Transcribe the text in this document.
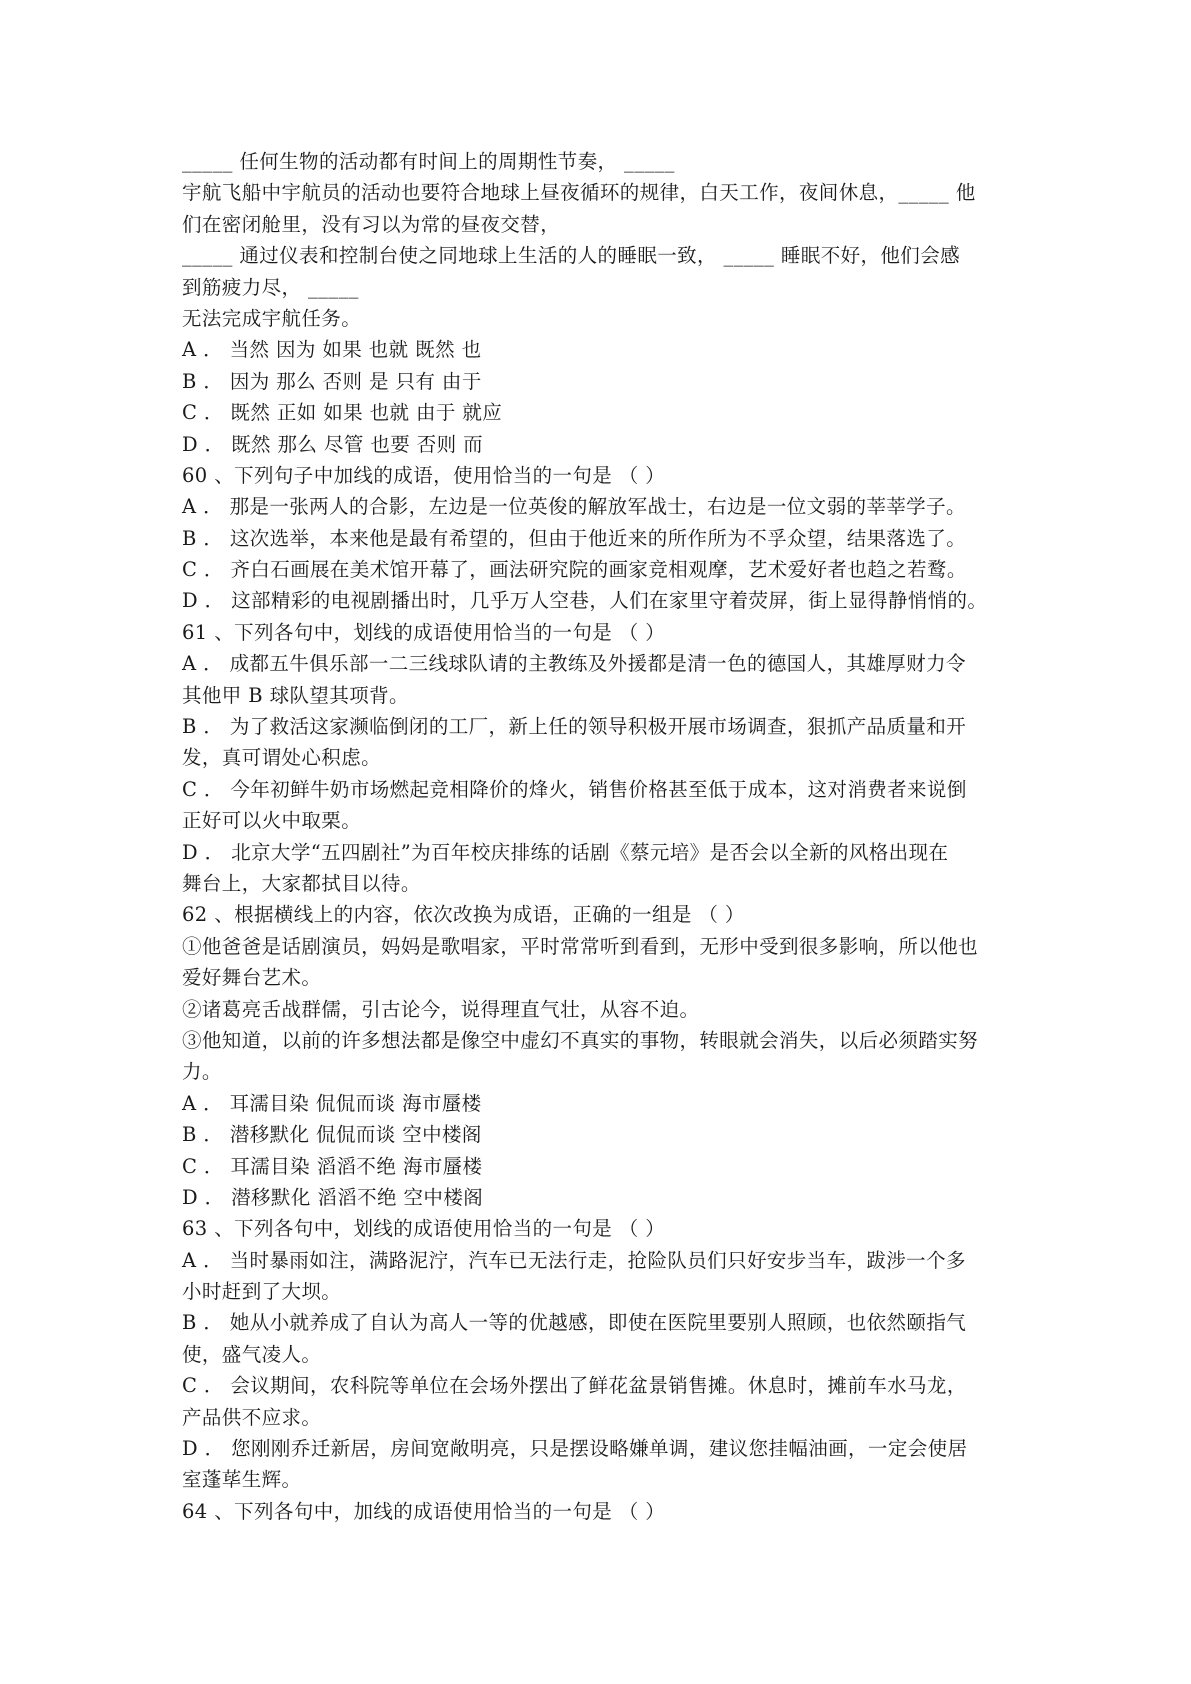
_____ 任何生物的活动都有时间上的周期性节奏， _____
宇航飞船中宇航员的活动也要符合地球上昼夜循环的规律，白天工作，夜间休息，_____ 他
们在密闭舱里，没有习以为常的昼夜交替，
_____ 通过仪表和控制台使之同地球上生活的人的睡眠一致， _____ 睡眠不好，他们会感
到筋疲力尽， _____
无法完成宇航任务。
A ． 当然 因为 如果 也就 既然 也
B ． 因为 那么 否则 是 只有 由于
C ． 既然 正如 如果 也就 由于 就应
D ． 既然 那么 尽管 也要 否则 而
60 、下列句子中加线的成语，使用恰当的一句是 （ ）
A ． 那是一张两人的合影，左边是一位英俊的解放军战士，右边是一位文弱的莘莘学子。
B ． 这次选举，本来他是最有希望的，但由于他近来的所作所为不孚众望，结果落选了。
C ． 齐白石画展在美术馆开幕了，画法研究院的画家竞相观摩，艺术爱好者也趋之若鹜。
D ． 这部精彩的电视剧播出时，几乎万人空巷，人们在家里守着荧屏，街上显得静悄悄的。
61 、下列各句中，划线的成语使用恰当的一句是 （ ）
A ． 成都五牛俱乐部一二三线球队请的主教练及外援都是清一色的德国人，其雄厚财力令
其他甲 B 球队望其项背。
B ． 为了救活这家濒临倒闭的工厂，新上任的领导积极开展市场调查，狠抓产品质量和开
发，真可谓处心积虑。
C ． 今年初鲜牛奶市场燃起竞相降价的烽火，销售价格甚至低于成本，这对消费者来说倒
正好可以火中取栗。
D ． 北京大学“五四剧社”为百年校庆排练的话剧《蔡元培》是否会以全新的风格出现在
舞台上，大家都拭目以待。
62 、根据横线上的内容，依次改换为成语，正确的一组是 （ ）
①他爸爸是话剧演员，妈妈是歌唱家，平时常常听到看到，无形中受到很多影响，所以他也
爱好舞台艺术。
②诸葛亮舌战群儒，引古论今，说得理直气壮，从容不迫。
③他知道，以前的许多想法都是像空中虚幻不真实的事物，转眼就会消失，以后必须踏实努
力。
A ． 耳濡目染 侃侃而谈 海市蜃楼
B ． 潜移默化 侃侃而谈 空中楼阁
C ． 耳濡目染 滔滔不绝 海市蜃楼
D ． 潜移默化 滔滔不绝 空中楼阁
63 、下列各句中，划线的成语使用恰当的一句是 （ ）
A ． 当时暴雨如注，满路泥泞，汽车已无法行走，抢险队员们只好安步当车，跋涉一个多
小时赶到了大坝。
B ． 她从小就养成了自认为高人一等的优越感，即使在医院里要别人照顾，也依然颐指气
使，盛气凌人。
C ． 会议期间，农科院等单位在会场外摆出了鲜花盆景销售摊。休息时，摊前车水马龙，
产品供不应求。
D ． 您刚刚乔迁新居，房间宽敞明亮，只是摆设略嫌单调，建议您挂幅油画，一定会使居
室蓬荜生辉。
64 、下列各句中，加线的成语使用恰当的一句是 （ ）
